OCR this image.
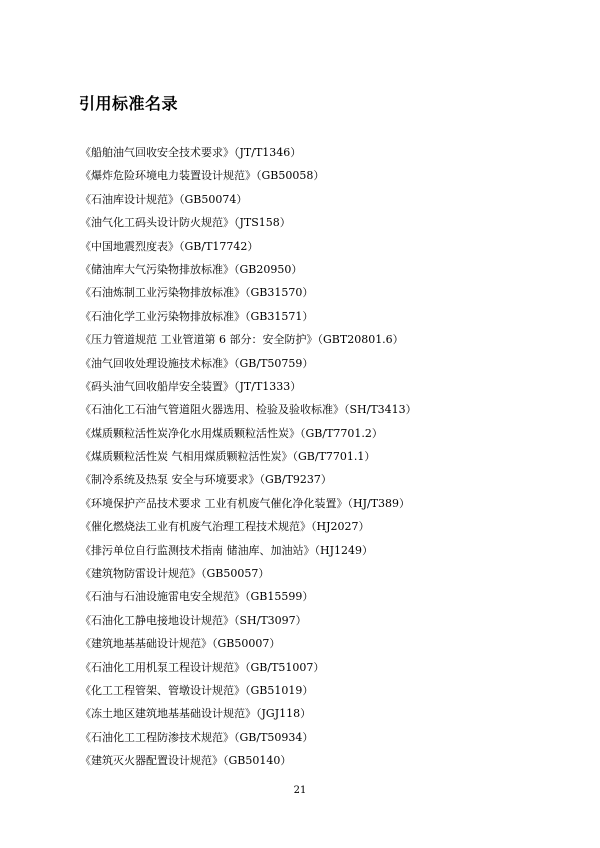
引用标准名录
《船舶油气回收安全技术要求》（JT/T1346）
《爆炸危险环境电力装置设计规范》（GB50058）
《石油库设计规范》（GB50074）
《油气化工码头设计防火规范》（JTS158）
《中国地震烈度表》（GB/T17742）
《储油库大气污染物排放标准》（GB20950）
《石油炼制工业污染物排放标准》（GB31570）
《石油化学工业污染物排放标准》（GB31571）
《压力管道规范 工业管道第 6 部分：安全防护》（GBT20801.6）
《油气回收处理设施技术标准》（GB/T50759）
《码头油气回收船岸安全装置》（JT/T1333）
《石油化工石油气管道阻火器选用、检验及验收标准》（SH/T3413）
《煤质颗粒活性炭净化水用煤质颗粒活性炭》（GB/T7701.2）
《煤质颗粒活性炭 气相用煤质颗粒活性炭》（GB/T7701.1）
《制冷系统及热泵 安全与环境要求》（GB/T9237）
《环境保护产品技术要求 工业有机废气催化净化装置》（HJ/T389）
《催化燃烧法工业有机废气治理工程技术规范》（HJ2027）
《排污单位自行监测技术指南 储油库、加油站》（HJ1249）
《建筑物防雷设计规范》（GB50057）
《石油与石油设施雷电安全规范》（GB15599）
《石油化工静电接地设计规范》（SH/T3097）
《建筑地基基础设计规范》（GB50007）
《石油化工用机泵工程设计规范》（GB/T51007）
《化工工程管架、管墩设计规范》（GB51019）
《冻土地区建筑地基基础设计规范》（JGJ118）
《石油化工工程防渗技术规范》（GB/T50934）
《建筑灭火器配置设计规范》（GB50140）
21
